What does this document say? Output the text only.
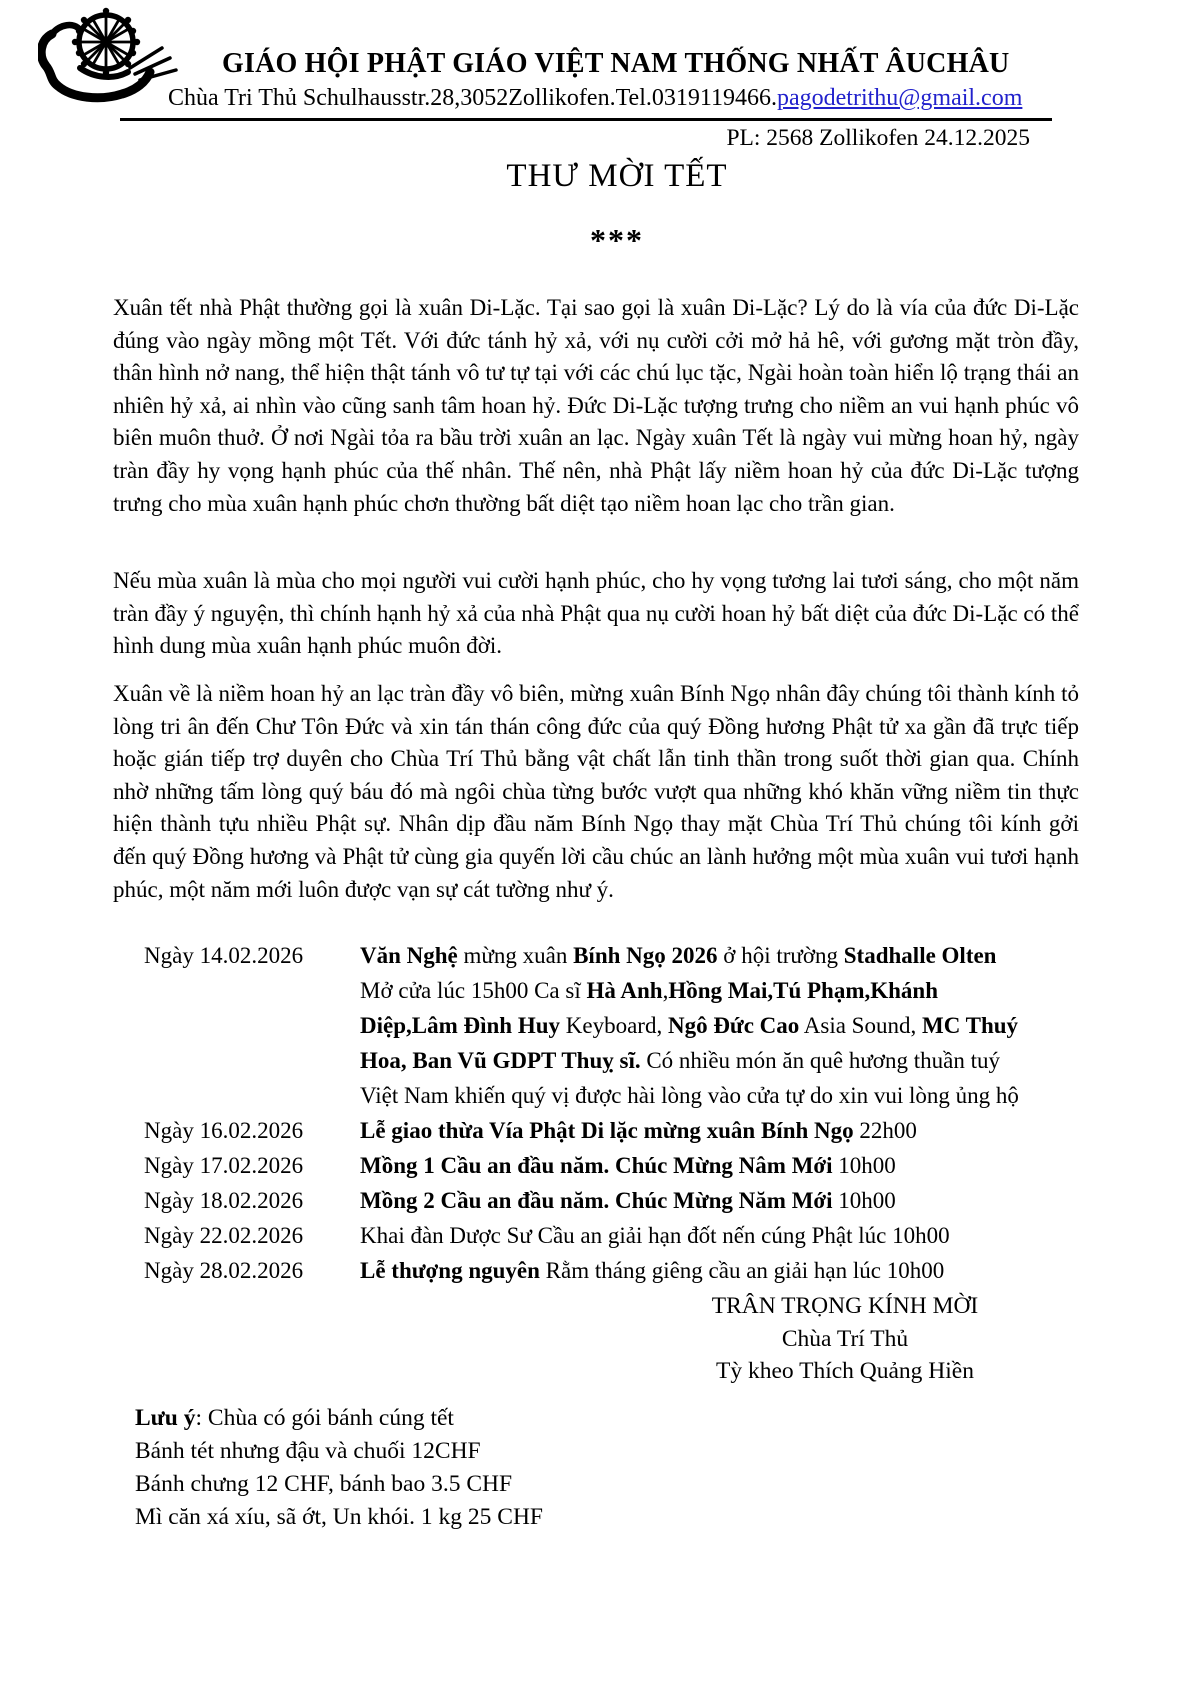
GIÁO HỘI PHẬT GIÁO VIỆT NAM THỐNG NHẤT ÂUCHÂU
Chùa Tri Thủ Schulhausstr.28,3052Zollikofen.Tel.0319119466.pagodetrithu@gmail.com
PL: 2568 Zollikofen 24.12.2025
THƯ MỜI TẾT
***

Xuân tết nhà Phật thường gọi là xuân Di-Lặc. Tại sao gọi là xuân Di-Lặc? Lý do là vía của đức Di-Lặc đúng vào ngày mồng một Tết. Với đức tánh hỷ xả, với nụ cười cởi mở hả hê, với gương mặt tròn đầy, thân hình nở nang, thể hiện thật tánh vô tư tự tại với các chú lục tặc, Ngài hoàn toàn hiển lộ trạng thái an nhiên hỷ xả, ai nhìn vào cũng sanh tâm hoan hỷ. Đức Di-Lặc tượng trưng cho niềm an vui hạnh phúc vô biên muôn thuở. Ở nơi Ngài tỏa ra bầu trời xuân an lạc. Ngày xuân Tết là ngày vui mừng hoan hỷ, ngày tràn đầy hy vọng hạnh phúc của thế nhân. Thế nên, nhà Phật lấy niềm hoan hỷ của đức Di-Lặc tượng trưng cho mùa xuân hạnh phúc chơn thường bất diệt tạo niềm hoan lạc cho trần gian.

Nếu mùa xuân là mùa cho mọi người vui cười hạnh phúc, cho hy vọng tương lai tươi sáng, cho một năm tràn đầy ý nguyện, thì chính hạnh hỷ xả của nhà Phật qua nụ cười hoan hỷ bất diệt của đức Di-Lặc có thể hình dung mùa xuân hạnh phúc muôn đời.

Xuân về là niềm hoan hỷ an lạc tràn đầy vô biên, mừng xuân Bính Ngọ nhân đây chúng tôi thành kính tỏ lòng tri ân đến Chư Tôn Đức và xin tán thán công đức của quý Đồng hương Phật tử xa gần đã trực tiếp hoặc gián tiếp trợ duyên cho Chùa Trí Thủ bằng vật chất lẫn tinh thần trong suốt thời gian qua. Chính nhờ những tấm lòng quý báu đó mà ngôi chùa từng bước vượt qua những khó khăn vững niềm tin thực hiện thành tựu nhiều Phật sự. Nhân dịp đầu năm Bính Ngọ thay mặt Chùa Trí Thủ chúng tôi kính gởi đến quý Đồng hương và Phật tử cùng gia quyến lời cầu chúc an lành hưởng một mùa xuân vui tươi hạnh phúc, một năm mới luôn được vạn sự cát tường như ý.

Ngày 14.02.2026	Văn Nghệ mừng xuân Bính Ngọ 2026 ở hội trường Stadhalle Olten
Mở cửa lúc 15h00 Ca sĩ Hà Anh,Hồng Mai,Tú Phạm,Khánh
Diệp,Lâm Đình Huy Keyboard, Ngô Đức Cao Asia Sound, MC Thuý
Hoa, Ban Vũ GDPT Thuỵ sĩ. Có nhiều món ăn quê hương thuần tuý
Việt Nam khiến quý vị được hài lòng vào cửa tự do xin vui lòng ủng hộ
Ngày 16.02.2026	Lễ giao thừa Vía Phật Di lặc mừng xuân Bính Ngọ 22h00
Ngày 17.02.2026	Mồng 1 Cầu an đầu năm. Chúc Mừng Nâm Mới 10h00
Ngày 18.02.2026	Mồng 2 Cầu an đầu năm. Chúc Mừng Năm Mới 10h00
Ngày 22.02.2026	Khai đàn Dược Sư Cầu an giải hạn đốt nến cúng Phật lúc 10h00
Ngày 28.02.2026	Lễ thượng nguyên Rằm tháng giêng cầu an giải hạn lúc 10h00
TRÂN TRỌNG KÍNH MỜI
Chùa Trí Thủ
Tỳ kheo Thích Quảng Hiền
Lưu ý: Chùa có gói bánh cúng tết
Bánh tét nhưng đậu và chuối 12CHF
Bánh chưng 12 CHF, bánh bao 3.5 CHF
Mì căn xá xíu, sã ớt, Un khói. 1 kg 25 CHF
